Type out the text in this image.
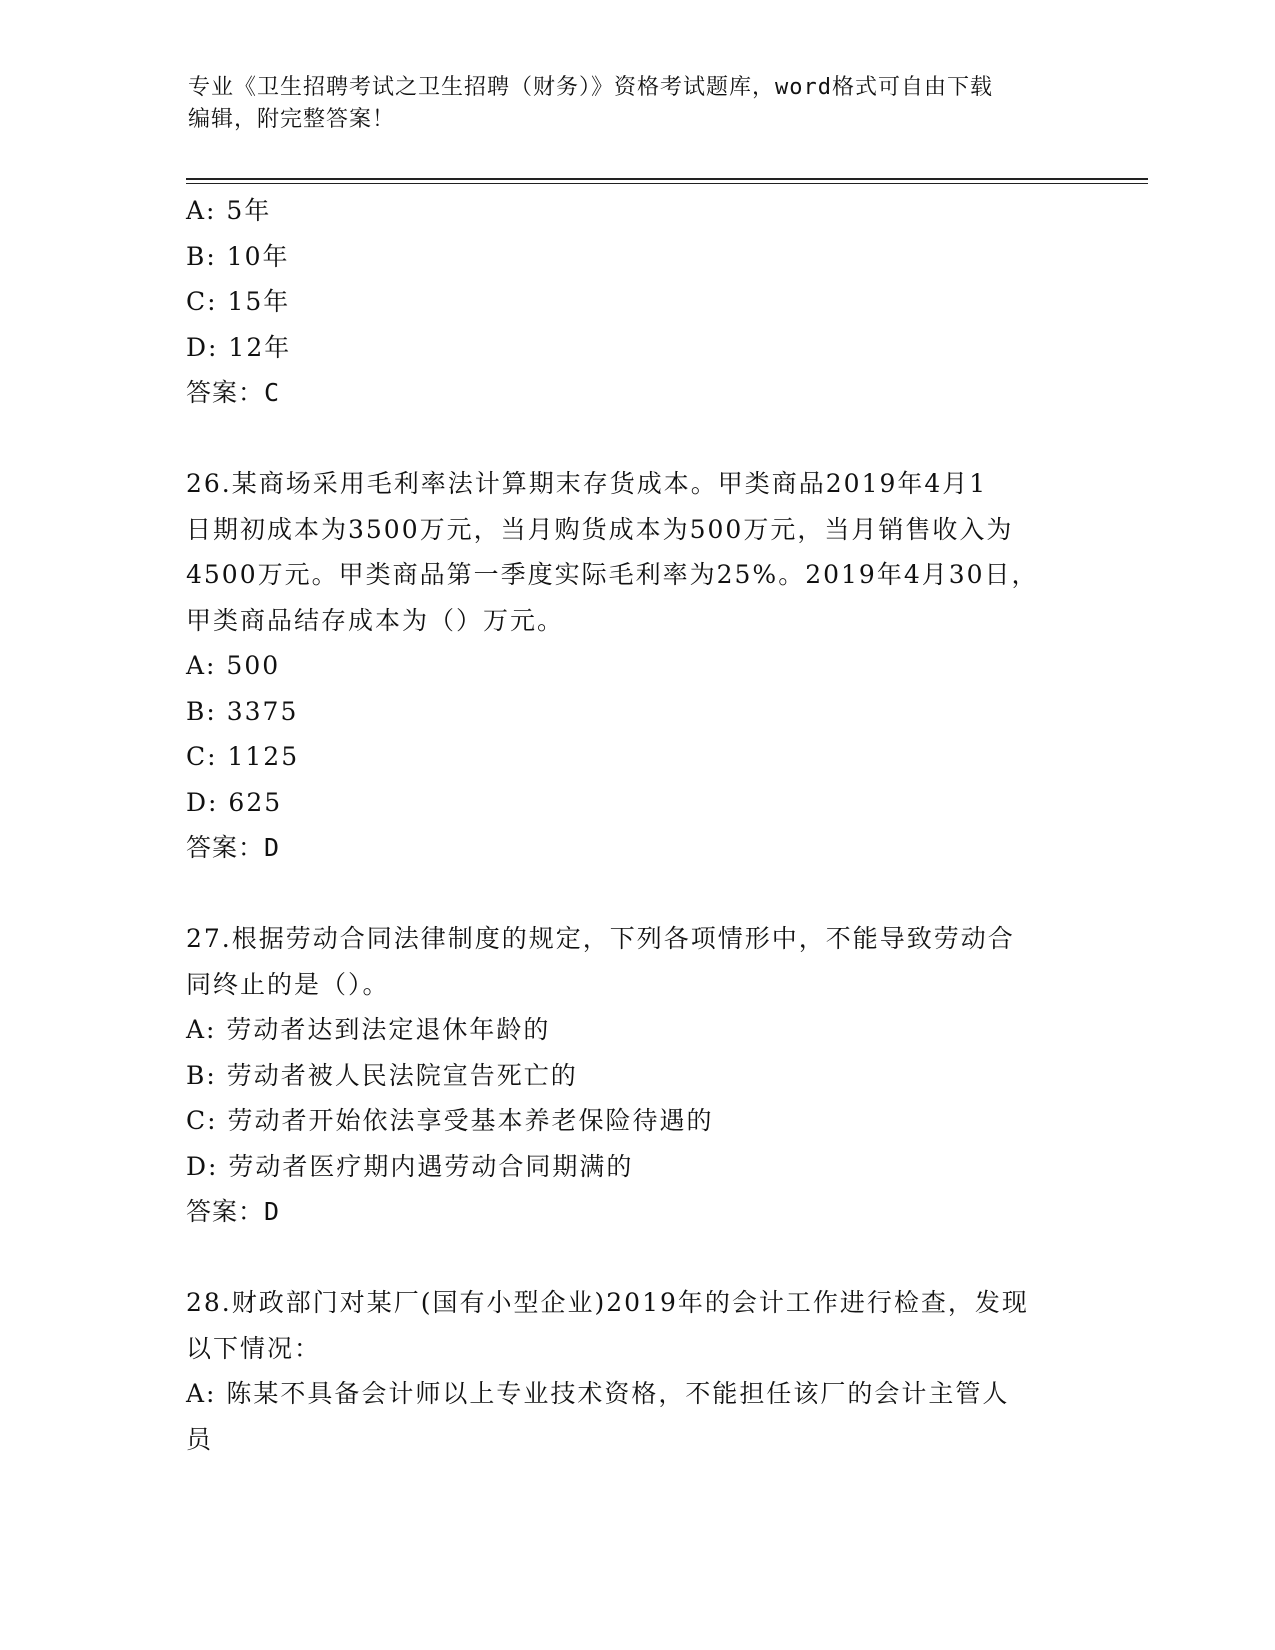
专业《卫生招聘考试之卫生招聘（财务）》资格考试题库，word格式可自由下载
编辑，附完整答案！
A: 5年
B: 10年
C: 15年
D: 12年
答案：C
26.某商场采用毛利率法计算期末存货成本。甲类商品2019年4月1
日期初成本为3500万元，当月购货成本为500万元，当月销售收入为
4500万元。甲类商品第一季度实际毛利率为25%。2019年4月30日，
甲类商品结存成本为（）万元。
A: 500
B: 3375
C: 1125
D: 625
答案：D
27.根据劳动合同法律制度的规定，下列各项情形中，不能导致劳动合
同终止的是（）。
A: 劳动者达到法定退休年龄的
B: 劳动者被人民法院宣告死亡的
C: 劳动者开始依法享受基本养老保险待遇的
D: 劳动者医疗期内遇劳动合同期满的
答案：D
28.财政部门对某厂(国有小型企业)2019年的会计工作进行检查，发现
以下情况：
A: 陈某不具备会计师以上专业技术资格，不能担任该厂的会计主管人
员
